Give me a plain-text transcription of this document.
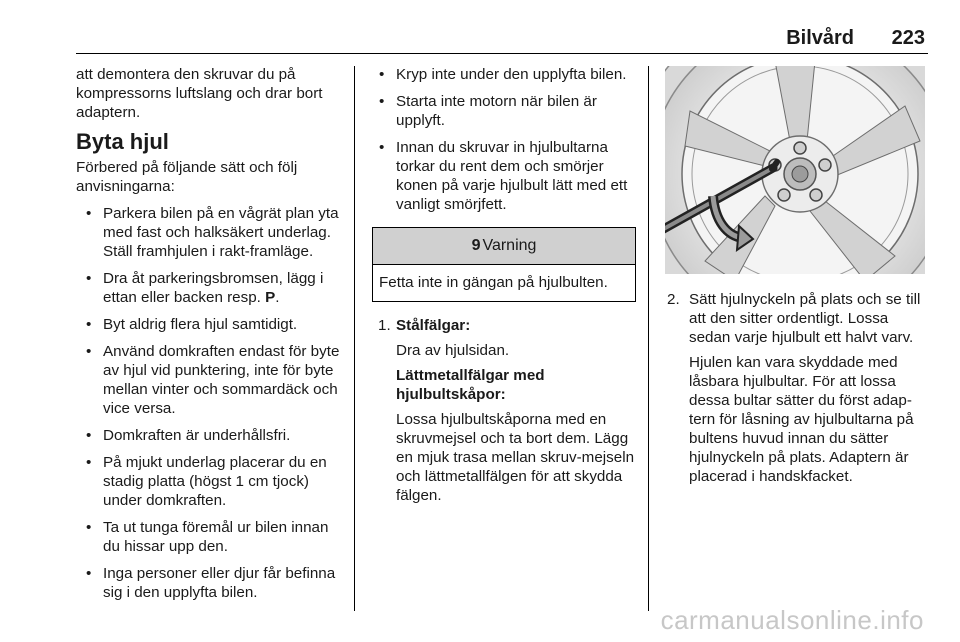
Bilvård 223

att demontera den skruvar du på kompressorns luftslang och drar bort adaptern.

Byta hjul

Förbered på följande sätt och följ anvisningarna:

• Parkera bilen på en vågrät plan yta med fast och halksäkert underlag. Ställ framhjulen i rakt-framläge.
• Dra åt parkeringsbromsen, lägg i ettan eller backen resp. P.
• Byt aldrig flera hjul samtidigt.
• Använd domkraften endast för byte av hjul vid punktering, inte för byte mellan vinter och sommardäck och vice versa.
• Domkraften är underhållsfri.
• På mjukt underlag placerar du en stadig platta (högst 1 cm tjock) under domkraften.
• Ta ut tunga föremål ur bilen innan du hissar upp den.
• Inga personer eller djur får befinna sig i den upplyfta bilen.
• Kryp inte under den upplyfta bilen.
• Starta inte motorn när bilen är upplyft.
• Innan du skruvar in hjulbultarna torkar du rent dem och smörjer konen på varje hjulbult lätt med ett vanligt smörjfett.
9 Varning
Fetta inte in gängan på hjulbulten.
1. Stålfälgar:

Dra av hjulsidan.

Lättmetallfälgar med hjulbultskåpor:

Lossa hjulbultskåporna med en skruvmejsel och ta bort dem. Lägg en mjuk trasa mellan skruv-mejseln och lättmetallfälgen för att skydda fälgen.

2. Sätt hjulnyckeln på plats och se till att den sitter ordentligt. Lossa sedan varje hjulbult ett halvt varv.

Hjulen kan vara skyddade med låsbara hjulbultar. För att lossa dessa bultar sätter du först adap-tern för låsning av hjulbultarna på bultens huvud innan du sätter hjulnyckeln på plats. Adaptern är placerad i handskfacket.

carmanualsonline.info
